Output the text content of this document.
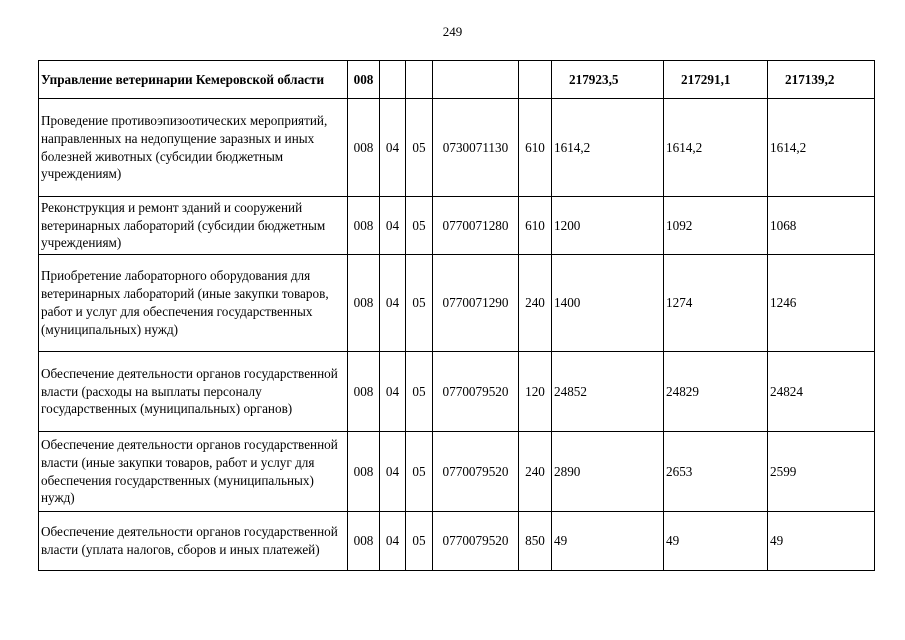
249
Управление ветеринарии Кемеровской области	008					217923,5	217291,1	217139,2
Проведение противоэпизоотических мероприятий, направленных на недопущение заразных и иных болезней животных (субсидии бюджетным учреждениям)	008	04	05	0730071130	610	1614,2	1614,2	1614,2
Реконструкция и ремонт зданий и сооружений ветеринарных лабораторий (субсидии бюджетным учреждениям)	008	04	05	0770071280	610	1200	1092	1068
Приобретение лабораторного оборудования для ветеринарных лабораторий (иные закупки товаров, работ и услуг для обеспечения государственных (муниципальных) нужд)	008	04	05	0770071290	240	1400	1274	1246
Обеспечение деятельности органов государственной власти (расходы на выплаты персоналу государственных (муниципальных) органов)	008	04	05	0770079520	120	24852	24829	24824
Обеспечение деятельности органов государственной власти (иные закупки товаров, работ и услуг для обеспечения государственных (муниципальных) нужд)	008	04	05	0770079520	240	2890	2653	2599
Обеспечение деятельности органов государственной власти (уплата налогов, сборов и иных платежей)	008	04	05	0770079520	850	49	49	49
